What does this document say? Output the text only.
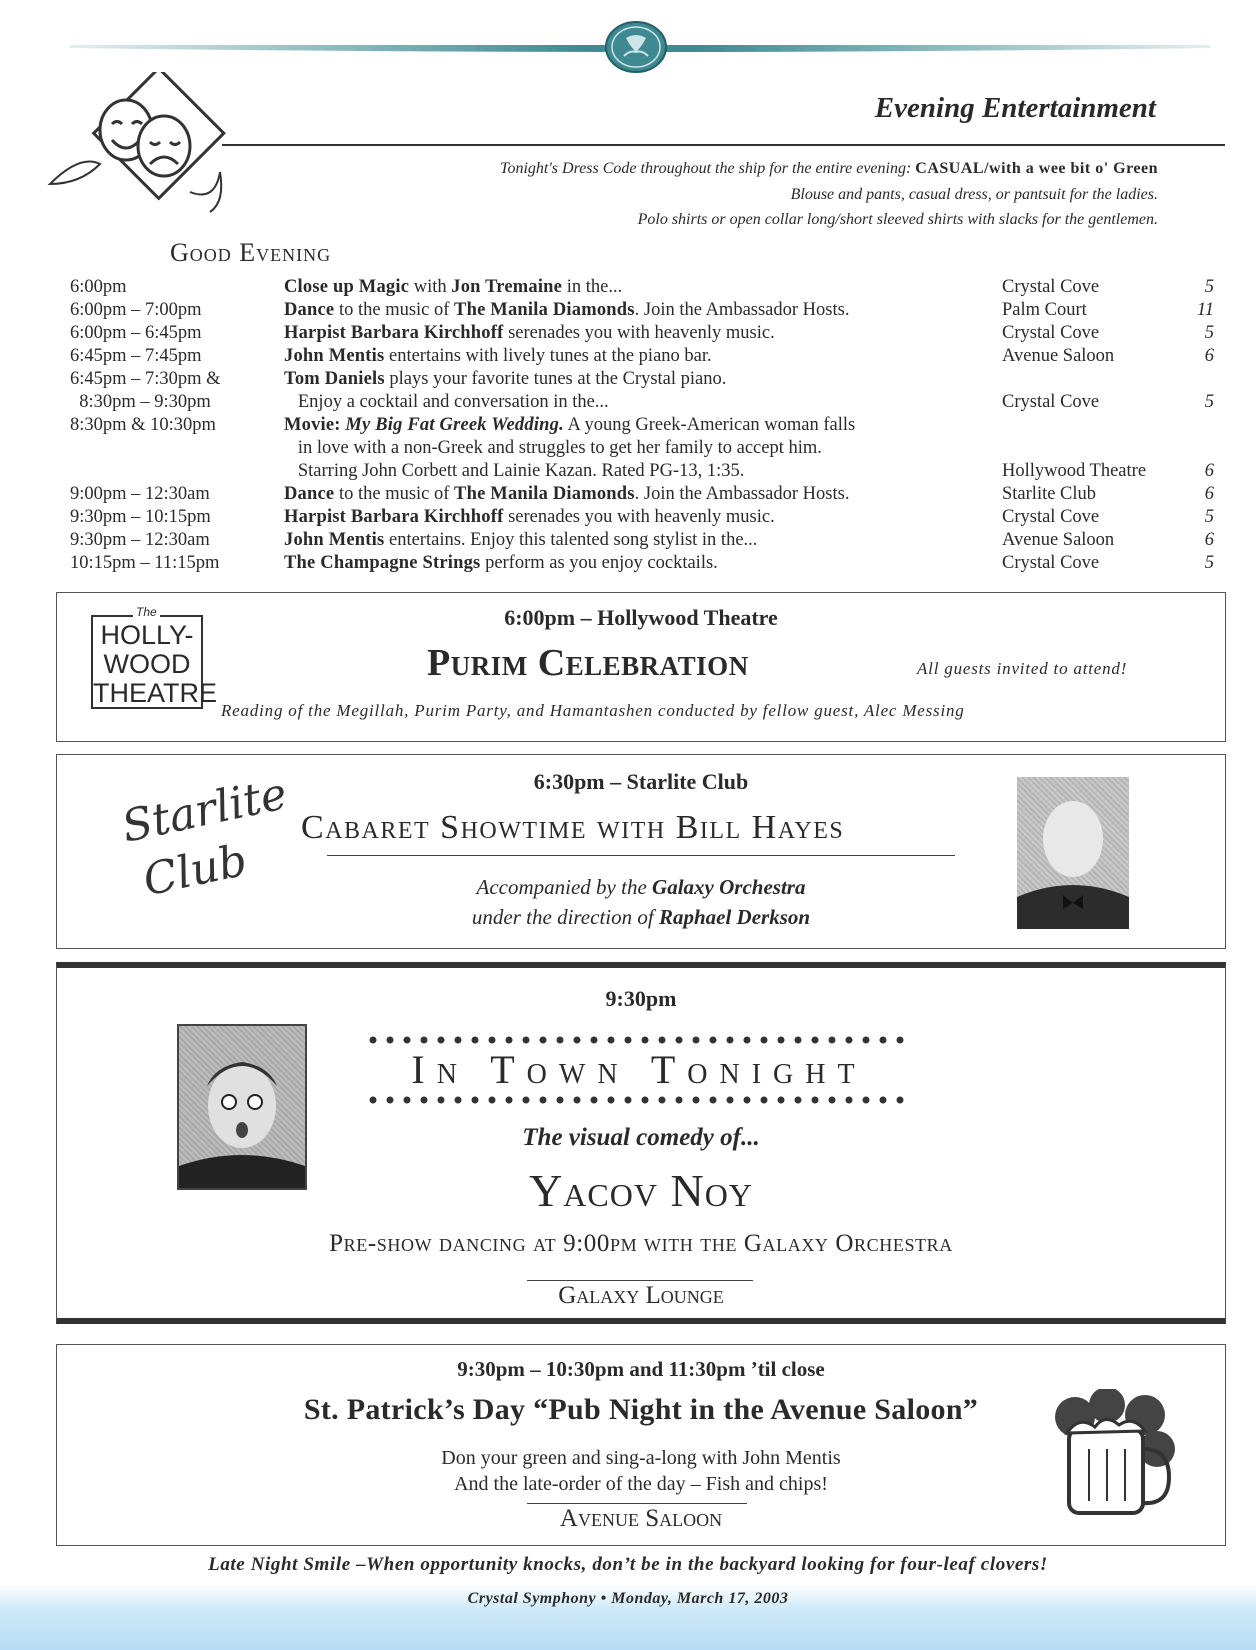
Evening Entertainment
Tonight's Dress Code throughout the ship for the entire evening: CASUAL/with a wee bit o' Green
Blouse and pants, casual dress, or pantsuit for the ladies.
Polo shirts or open collar long/short sleeved shirts with slacks for the gentlemen.
Good Evening
6:00pm	Close up Magic with Jon Tremaine in the...	Crystal Cove	5
6:00pm – 7:00pm	Dance to the music of The Manila Diamonds. Join the Ambassador Hosts.	Palm Court	11
6:00pm – 6:45pm	Harpist Barbara Kirchhoff serenades you with heavenly music.	Crystal Cove	5
6:45pm – 7:45pm	John Mentis entertains with lively tunes at the piano bar.	Avenue Saloon	6
6:45pm – 7:30pm &	Tom Daniels plays your favorite tunes at the Crystal piano.
8:30pm – 9:30pm	Enjoy a cocktail and conversation in the...	Crystal Cove	5
8:30pm & 10:30pm	Movie: My Big Fat Greek Wedding. A young Greek-American woman falls
in love with a non-Greek and struggles to get her family to accept him.
Starring John Corbett and Lainie Kazan. Rated PG-13, 1:35.	Hollywood Theatre	6
9:00pm – 12:30am	Dance to the music of The Manila Diamonds. Join the Ambassador Hosts.	Starlite Club	6
9:30pm – 10:15pm	Harpist Barbara Kirchhoff serenades you with heavenly music.	Crystal Cove	5
9:30pm – 12:30am	John Mentis entertains. Enjoy this talented song stylist in the...	Avenue Saloon	6
10:15pm – 11:15pm	The Champagne Strings perform as you enjoy cocktails.	Crystal Cove	5
The
HOLLY-
WOOD
THEATRE
6:00pm – Hollywood Theatre
Purim Celebration	All guests invited to attend!
Reading of the Megillah, Purim Party, and Hamantashen conducted by fellow guest, Alec Messing
Starlite
Club
6:30pm – Starlite Club
Cabaret Showtime with Bill Hayes
Accompanied by the Galaxy Orchestra
under the direction of Raphael Derkson
9:30pm
In Town Tonight
The visual comedy of...
Yacov Noy
Pre-show dancing at 9:00pm with the Galaxy Orchestra
Galaxy Lounge
9:30pm – 10:30pm and 11:30pm ’til close
St. Patrick’s Day “Pub Night in the Avenue Saloon”
Don your green and sing-a-long with John Mentis
And the late-order of the day – Fish and chips!
Avenue Saloon
Late Night Smile –When opportunity knocks, don’t be in the backyard looking for four-leaf clovers!
Crystal Symphony • Monday, March 17, 2003
